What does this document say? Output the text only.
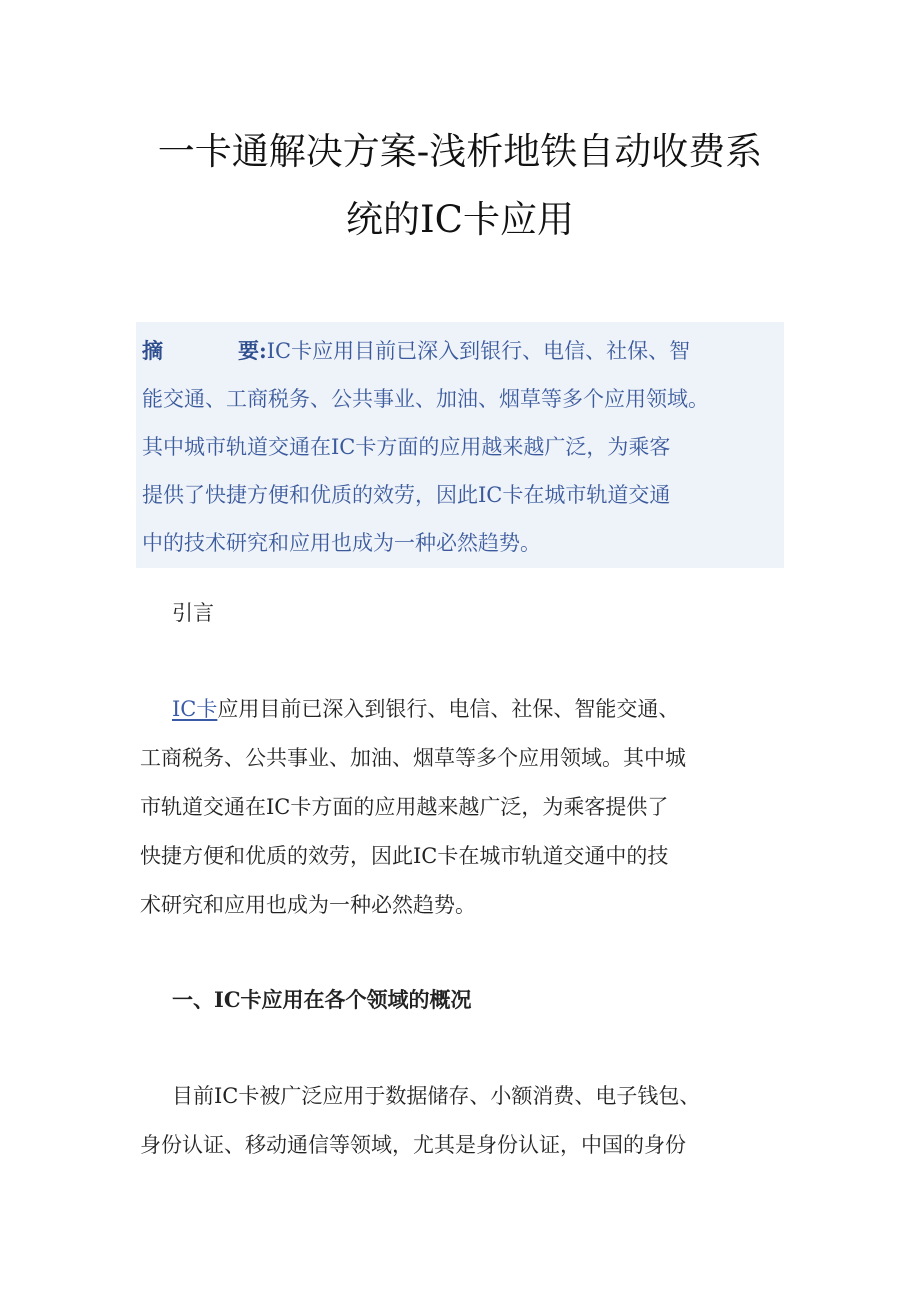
一卡通解决方案-浅析地铁自动收费系
统的IC卡应用
摘	要:IC卡应用目前已深入到银行、电信、社保、智
能交通、工商税务、公共事业、加油、烟草等多个应用领域。
其中城市轨道交通在IC卡方面的应用越来越广泛，为乘客
提供了快捷方便和优质的效劳，因此IC卡在城市轨道交通
中的技术研究和应用也成为一种必然趋势。
引言
IC卡应用目前已深入到银行、电信、社保、智能交通、
工商税务、公共事业、加油、烟草等多个应用领域。其中城
市轨道交通在IC卡方面的应用越来越广泛，为乘客提供了
快捷方便和优质的效劳，因此IC卡在城市轨道交通中的技
术研究和应用也成为一种必然趋势。
一、IC卡应用在各个领域的概况
目前IC卡被广泛应用于数据储存、小额消费、电子钱包、
身份认证、移动通信等领域，尤其是身份认证，中国的身份
